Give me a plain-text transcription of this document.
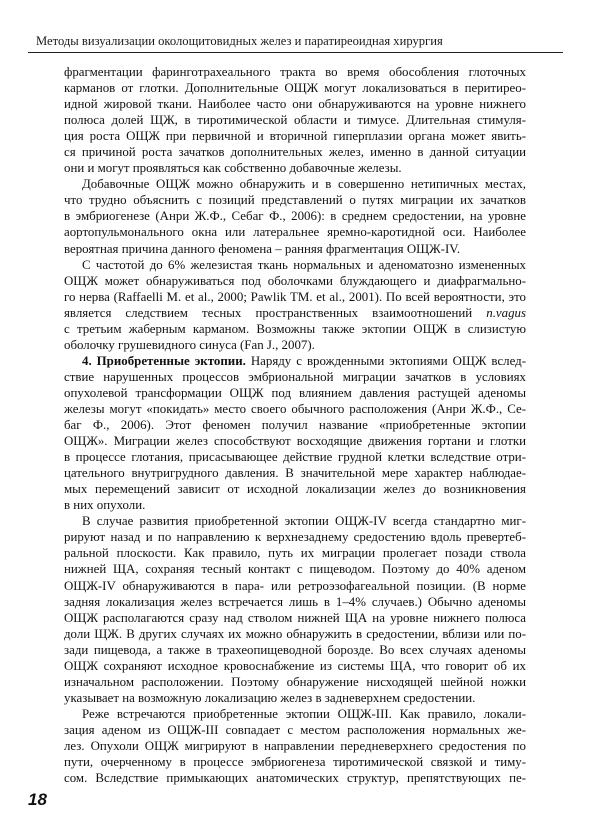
Методы визуализации околощитовидных желез и паратиреоидная хирургия
фрагментации фаринготрахеального тракта во время обособления глоточных
карманов от глотки. Дополнительные ОЩЖ могут локализоваться в перитирео-
идной жировой ткани. Наиболее часто они обнаруживаются на уровне нижнего
полюса долей ЩЖ, в тиротимической области и тимусе. Длительная стимуля-
ция роста ОЩЖ при первичной и вторичной гиперплазии органа может явить-
ся причиной роста зачатков дополнительных желез, именно в данной ситуации
они и могут проявляться как собственно добавочные железы.
Добавочные ОЩЖ можно обнаружить и в совершенно нетипичных местах,
что трудно объяснить с позиций представлений о путях миграции их зачатков
в эмбриогенезе (Анри Ж.Ф., Себаг Ф., 2006): в среднем средостении, на уровне
аортопульмонального окна или латеральнее яремно-каротидной оси. Наиболее
вероятная причина данного феномена – ранняя фрагментация ОЩЖ-IV.
С частотой до 6% железистая ткань нормальных и аденоматозно измененных
ОЩЖ может обнаруживаться под оболочками блуждающего и диафрагмально-
го нерва (Raffaelli M. et al., 2000; Pawlik TM. et al., 2001). По всей вероятности, это
является следствием тесных пространственных взаимоотношений n.vagus
с третьим жаберным карманом. Возможны также эктопии ОЩЖ в слизистую
оболочку грушевидного синуса (Fan J., 2007).
4. Приобретенные эктопии. Наряду с врожденными эктопиями ОЩЖ вслед-
ствие нарушенных процессов эмбриональной миграции зачатков в условиях
опухолевой трансформации ОЩЖ под влиянием давления растущей аденомы
железы могут «покидать» место своего обычного расположения (Анри Ж.Ф., Се-
баг Ф., 2006). Этот феномен получил название «приобретенные эктопии
ОЩЖ». Миграции желез способствуют восходящие движения гортани и глотки
в процессе глотания, присасывающее действие грудной клетки вследствие отри-
цательного внутригрудного давления. В значительной мере характер наблюдае-
мых перемещений зависит от исходной локализации желез до возникновения
в них опухоли.
В случае развития приобретенной эктопии ОЩЖ-IV всегда стандартно миг-
рируют назад и по направлению к верхнезаднему средостению вдоль превертеб-
ральной плоскости. Как правило, путь их миграции пролегает позади ствола
нижней ЩА, сохраняя тесный контакт с пищеводом. Поэтому до 40% аденом
ОЩЖ-IV обнаруживаются в пара- или ретроэзофагеальной позиции. (В норме
задняя локализация желез встречается лишь в 1–4% случаев.) Обычно аденомы
ОЩЖ располагаются сразу над стволом нижней ЩА на уровне нижнего полюса
доли ЩЖ. В других случаях их можно обнаружить в средостении, вблизи или по-
зади пищевода, а также в трахеопищеводной борозде. Во всех случаях аденомы
ОЩЖ сохраняют исходное кровоснабжение из системы ЩА, что говорит об их
изначальном расположении. Поэтому обнаружение нисходящей шейной ножки
указывает на возможную локализацию желез в задневерхнем средостении.
Реже встречаются приобретенные эктопии ОЩЖ-III. Как правило, локали-
зация аденом из ОЩЖ-III совпадает с местом расположения нормальных же-
лез. Опухоли ОЩЖ мигрируют в направлении передневерхнего средостения по
пути, очерченному в процессе эмбриогенеза тиротимической связкой и тиму-
сом. Вследствие примыкающих анатомических структур, препятствующих пе-
18
